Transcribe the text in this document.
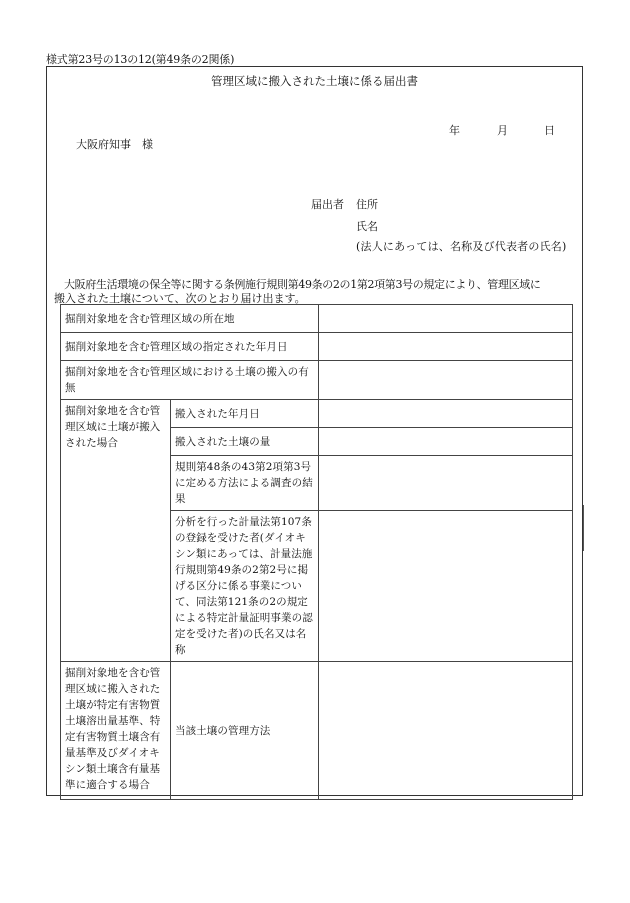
様式第23号の13の12(第49条の2関係)
管理区域に搬入された土壌に係る届出書
年	月	日
大阪府知事　様
届出者 住所
氏名
(法人にあっては、名称及び代表者の氏名)
大阪府生活環境の保全等に関する条例施行規則第49条の2の1第2項第3号の規定により、管理区域に
搬入された土壌について、次のとおり届け出ます。
掘削対象地を含む管理区域の所在地		
掘削対象地を含む管理区域の指定された年月日		
掘削対象地を含む管理区域における土壌の搬入の有無		
掘削対象地を含む管理区域に土壌が搬入された場合	搬入された年月日	
	搬入された土壌の量	
	規則第48条の43第2項第3号に定める方法による調査の結果	
	分析を行った計量法第107条の登録を受けた者(ダイオキシン類にあっては、計量法施行規則第49条の2第2号に掲げる区分に係る事業について、同法第121条の2の規定による特定計量証明事業の認定を受けた者)の氏名又は名称	
掘削対象地を含む管理区域に搬入された土壌が特定有害物質土壌溶出量基準、特定有害物質土壌含有量基準及びダイオキシン類土壌含有量基準に適合する場合	当該土壌の管理方法	
